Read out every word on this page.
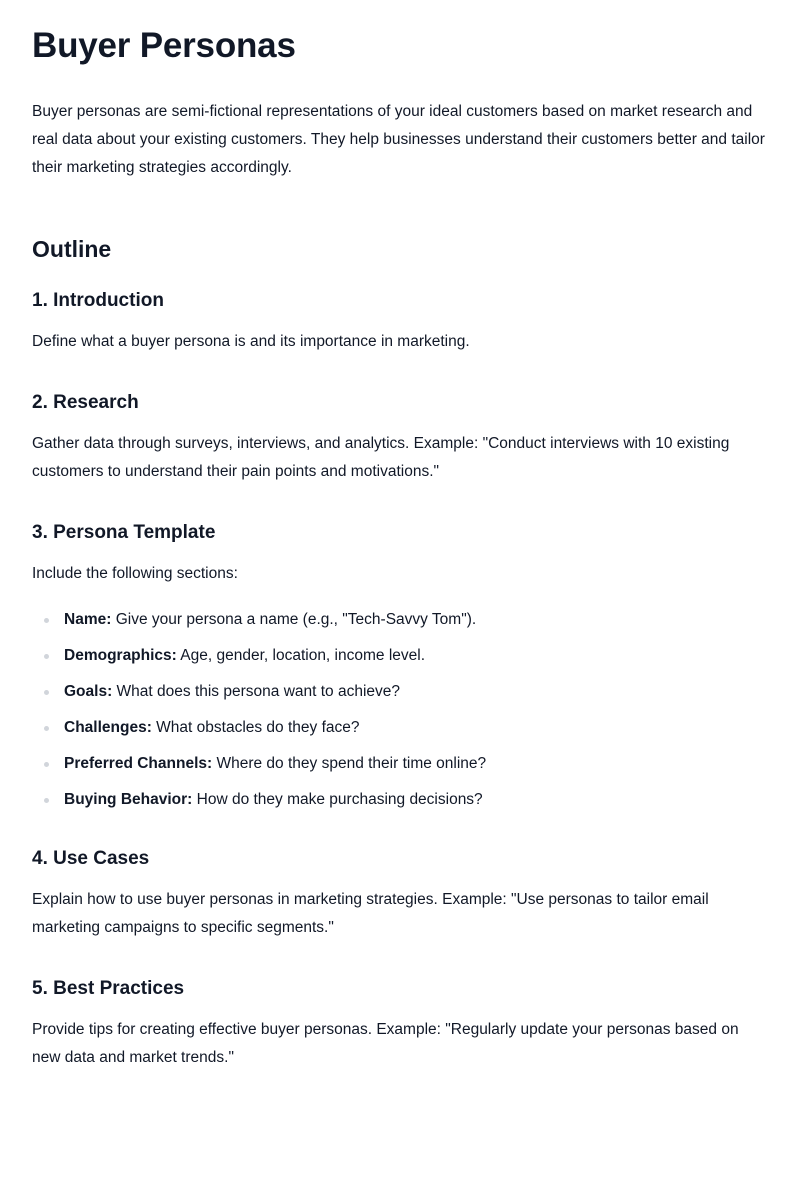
Buyer Personas

Buyer personas are semi-fictional representations of your ideal customers based on market research and real data about your existing customers. They help businesses understand their customers better and tailor their marketing strategies accordingly.

Outline
1. Introduction

Define what a buyer persona is and its importance in marketing.

2. Research

Gather data through surveys, interviews, and analytics. Example: "Conduct interviews with 10 existing customers to understand their pain points and motivations."

3. Persona Template

Include the following sections:

Name: Give your persona a name (e.g., "Tech-Savvy Tom").
Demographics: Age, gender, location, income level.
Goals: What does this persona want to achieve?
Challenges: What obstacles do they face?
Preferred Channels: Where do they spend their time online?
Buying Behavior: How do they make purchasing decisions?
4. Use Cases

Explain how to use buyer personas in marketing strategies. Example: "Use personas to tailor email marketing campaigns to specific segments."

5. Best Practices

Provide tips for creating effective buyer personas. Example: "Regularly update your personas based on new data and market trends."
